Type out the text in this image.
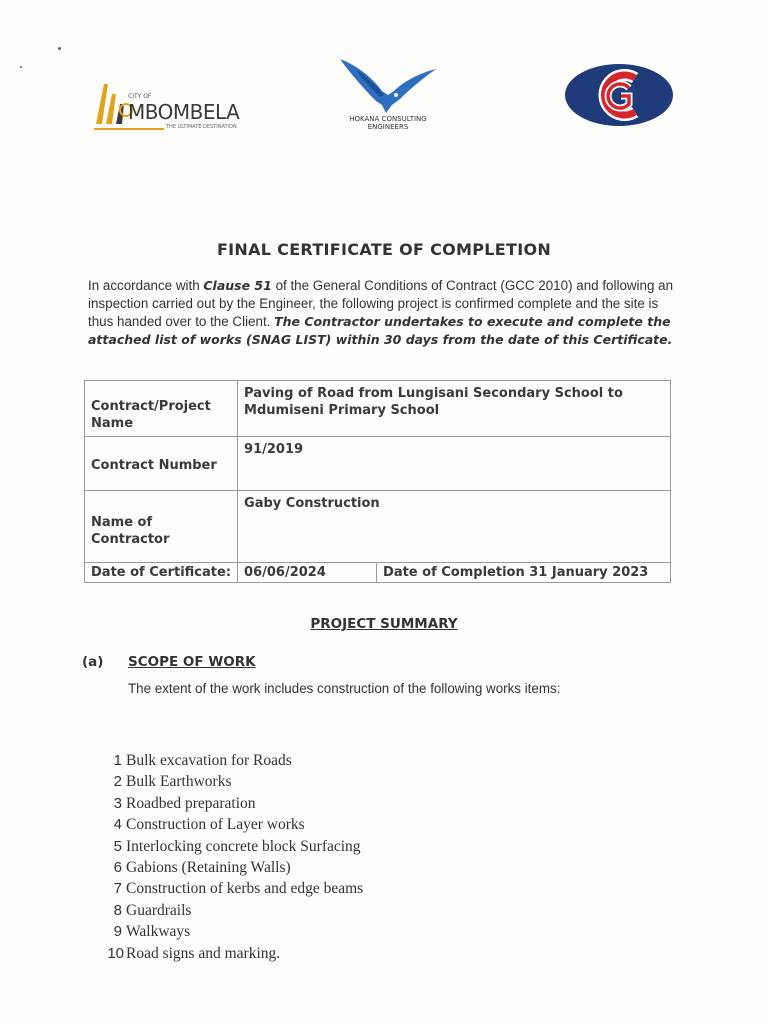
CITY OF
MBOMBELA
THE ULTIMATE DESTINATION
HOKANA CONSULTING
ENGINEERS
FINAL CERTIFICATE OF COMPLETION
In accordance with Clause 51 of the General Conditions of Contract (GCC 2010) and following an inspection carried out by the Engineer, the following project is confirmed complete and the site is thus handed over to the Client. The Contractor undertakes to execute and complete the attached list of works (SNAG LIST) within 30 days from the date of this Certificate.
Contract/Project Name	Paving of Road from Lungisani Secondary School to Mdumiseni Primary School	
Contract Number	91/2019	
Name of Contractor	Gaby Construction	
Date of Certificate:	06/06/2024	Date of Completion 31 January 2023
PROJECT SUMMARY
(a) SCOPE OF WORK
The extent of the work includes construction of the following works items:
1 Bulk excavation for Roads
2 Bulk Earthworks
3 Roadbed preparation
4 Construction of Layer works
5 Interlocking concrete block Surfacing
6 Gabions (Retaining Walls)
7 Construction of kerbs and edge beams
8 Guardrails
9 Walkways
10 Road signs and marking.
